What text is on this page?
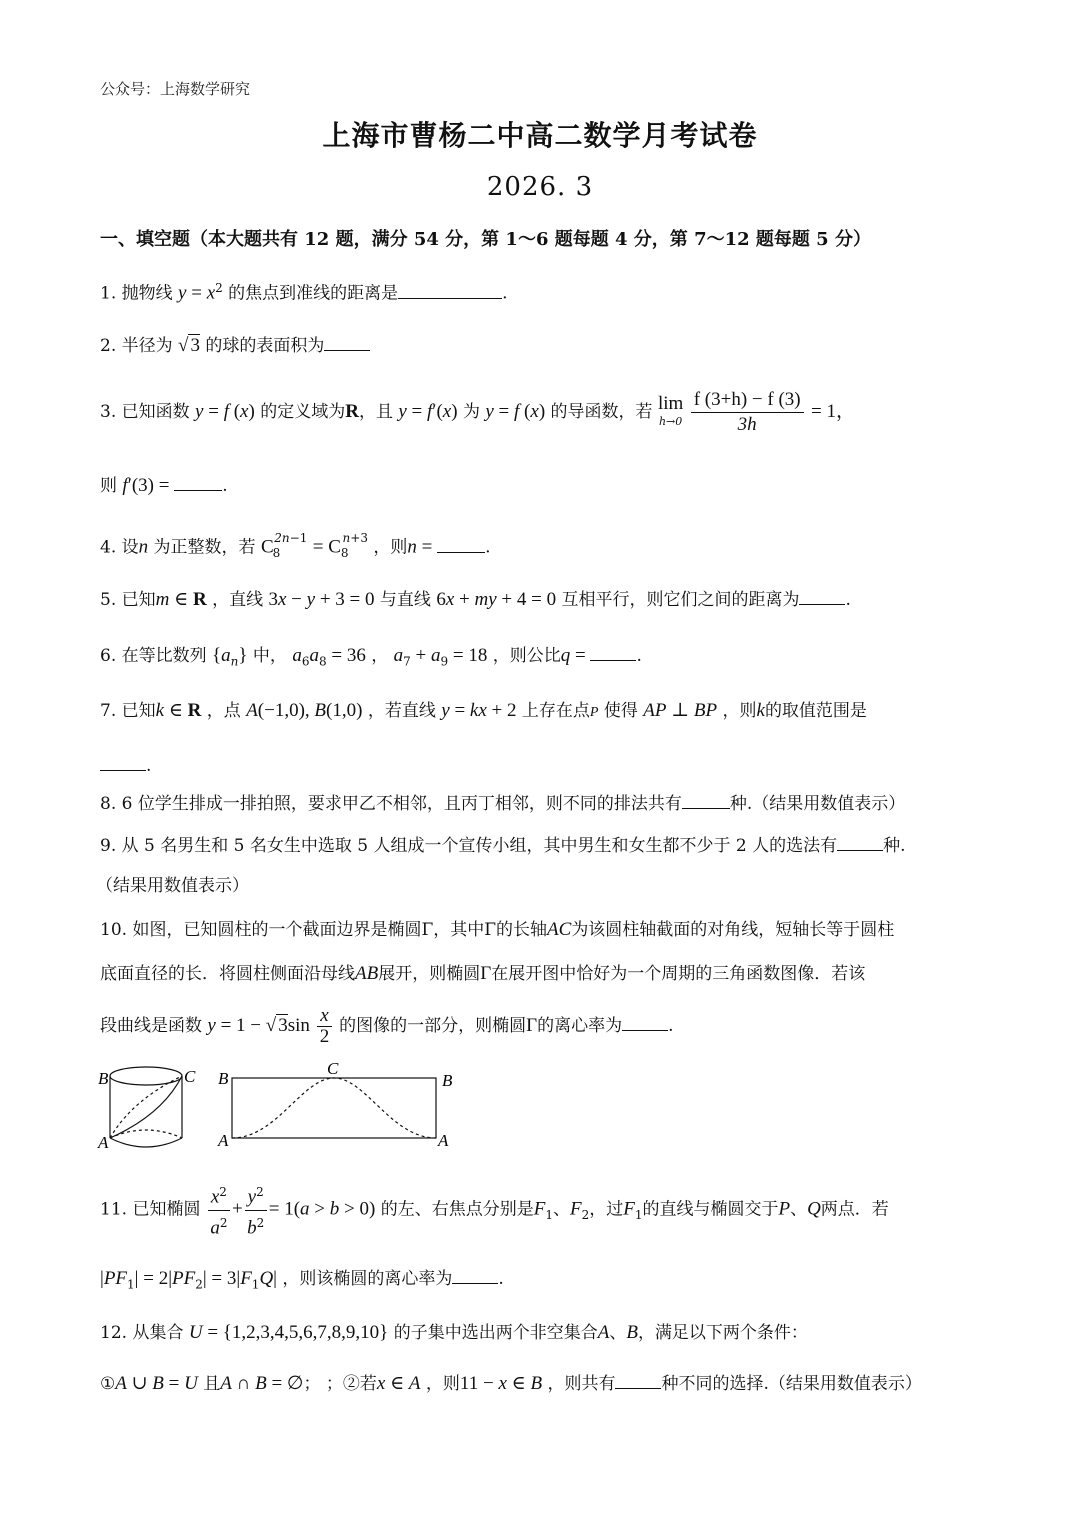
公众号：上海数学研究
上海市曹杨二中高二数学月考试卷
2026. 3
一、填空题（本大题共有 12 题，满分 54 分，第 1～6 题每题 4 分，第 7～12 题每题 5 分）
1. 抛物线 $y = x^2$ 的焦点到准线的距离是	.
2. 半径为 √ 3 的球的表面积为
3. 已知函数 y = f (x) 的定义域为R，且 y = f′(x) 为 y = f (x) 的导函数，若 lim
h→0
$\frac{f (3+h) - f (3)}{3h} = 1$，
则 f′(3) =	.
4. 设n 为正整数，若 $C_8^{2n-1} = C_8^{n+3}$ ，则n =	.
5. 已知m ∈ R ，直线 3x − y + 3 = 0 与直线 6x + my + 4 = 0 互相平行，则它们之间的距离为	.
6. 在等比数列 $\{a_n\}$ 中， $a_6a_8 = 36$ ， $a_7 + a_9 = 18$ ，则公比q =	.
7. 已知k ∈ R ，点 A(−1,0), B(1,0) ，若直线 y = kx + 2 上存在点P 使得 AP ⊥ BP ，则k的取值范围是
.
8. 6 位学生排成一排拍照，要求甲乙不相邻，且丙丁相邻，则不同的排法共有	种.（结果用数值表示）
9. 从 5 名男生和 5 名女生中选取 5 人组成一个宣传小组，其中男生和女生都不少于 2 人的选法有	种.
（结果用数值表示）
10. 如图，已知圆柱的一个截面边界是椭圆Γ，其中Γ的长轴AC为该圆柱轴截面的对角线，短轴长等于圆柱
底面直径的长．将圆柱侧面沿母线AB展开，则椭圆Γ在展开图中恰好为一个周期的三角函数图像．若该
段曲线是函数 y = 1 − √ $3\sin \frac{x}{2}$ 的图像的一部分，则椭圆Γ的离心率为	.
B	C
A
B
C
B
A	A
11. 已知椭圆 $\frac{x^2}{a^2} + \frac{y^2}{b^2} = 1(a > b > 0)$ 的左、右焦点分别是$F_1$、$F_2$，过$F_1$的直线与椭圆交于P、Q两点．若
$|PF_1| = 2|PF_2| = 3|F_1Q|$ ，则该椭圆的离心率为	.
12. 从集合 U = {1,2,3,4,5,6,7,8,9,10} 的子集中选出两个非空集合A、B，满足以下两个条件：
①A ∪ B = U 且A ∩ B = ∅； ；②若x ∈ A ，则11 − x ∈ B ，则共有	种不同的选择.（结果用数值表示）
